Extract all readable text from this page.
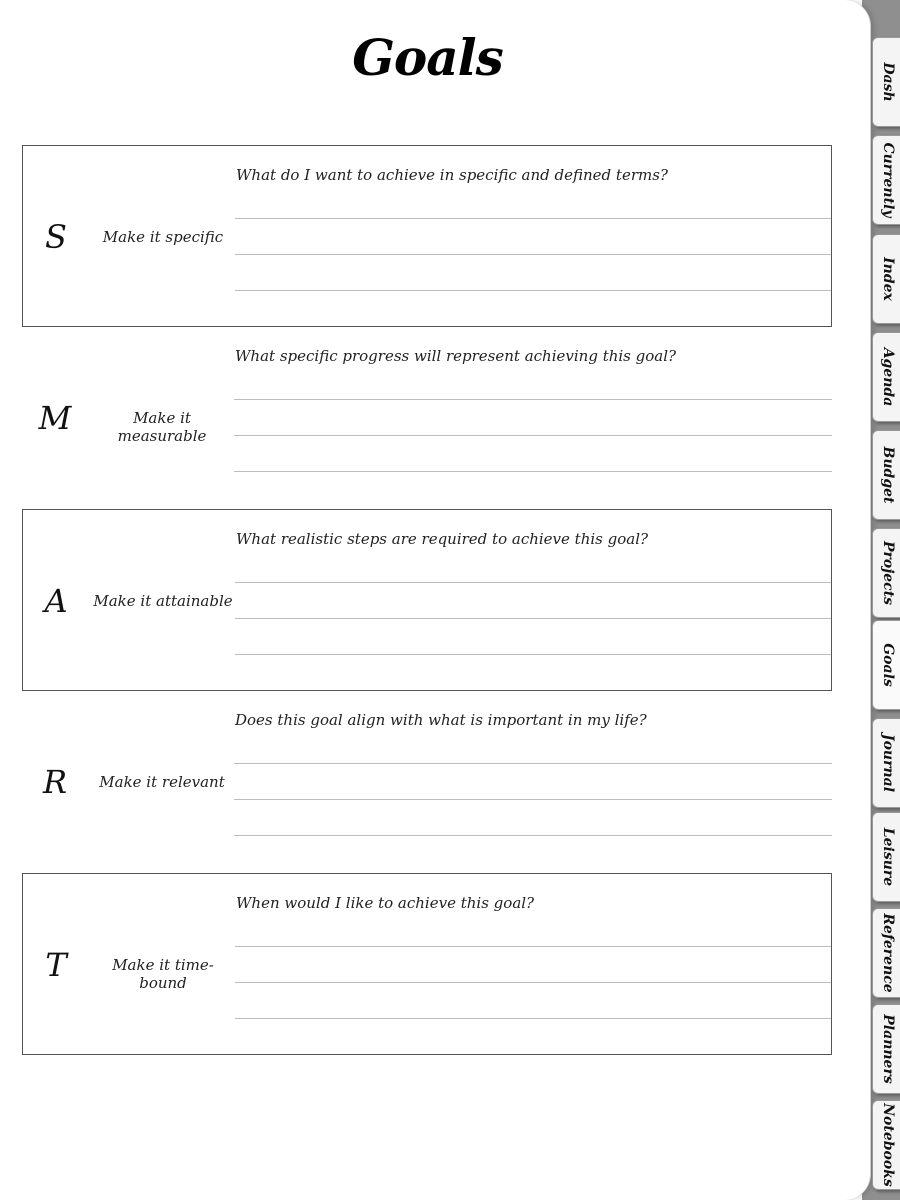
Goals
S	Make it specific
What do I want to achieve in specific and defined terms?
M	Make it measurable
What specific progress will represent achieving this goal?
A	Make it attainable
What realistic steps are required to achieve this goal?
R	Make it relevant
Does this goal align with what is important in my life?
T	Make it time-bound
When would I like to achieve this goal?
Dash
Currently
Index
Agenda
Budget
Projects
Goals
Journal
Leisure
Reference
Planners
Notebooks
